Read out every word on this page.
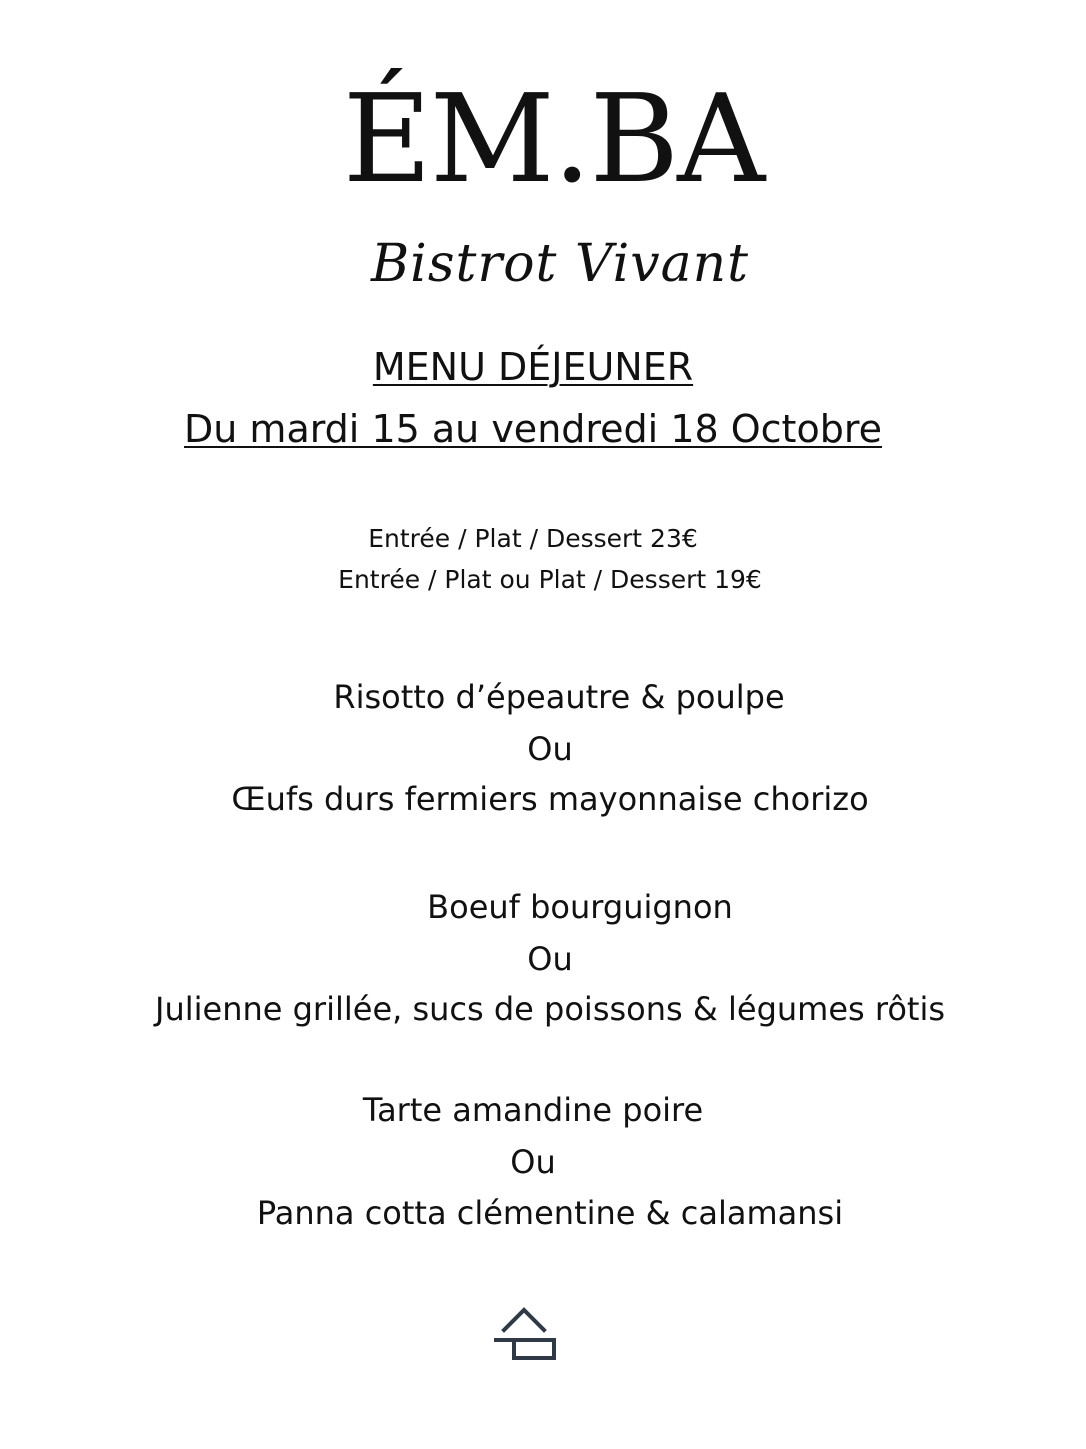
ÉM.BA
Bistrot Vivant
MENU DÉJEUNER
Du mardi 15 au vendredi 18 Octobre
Entrée / Plat / Dessert 23€
Entrée / Plat ou Plat / Dessert 19€
Risotto d’épeautre & poulpe
Ou
Œufs durs fermiers mayonnaise chorizo
Boeuf bourguignon
Ou
Julienne grillée, sucs de poissons & légumes rôtis
Tarte amandine poire
Ou
Panna cotta clémentine & calamansi
